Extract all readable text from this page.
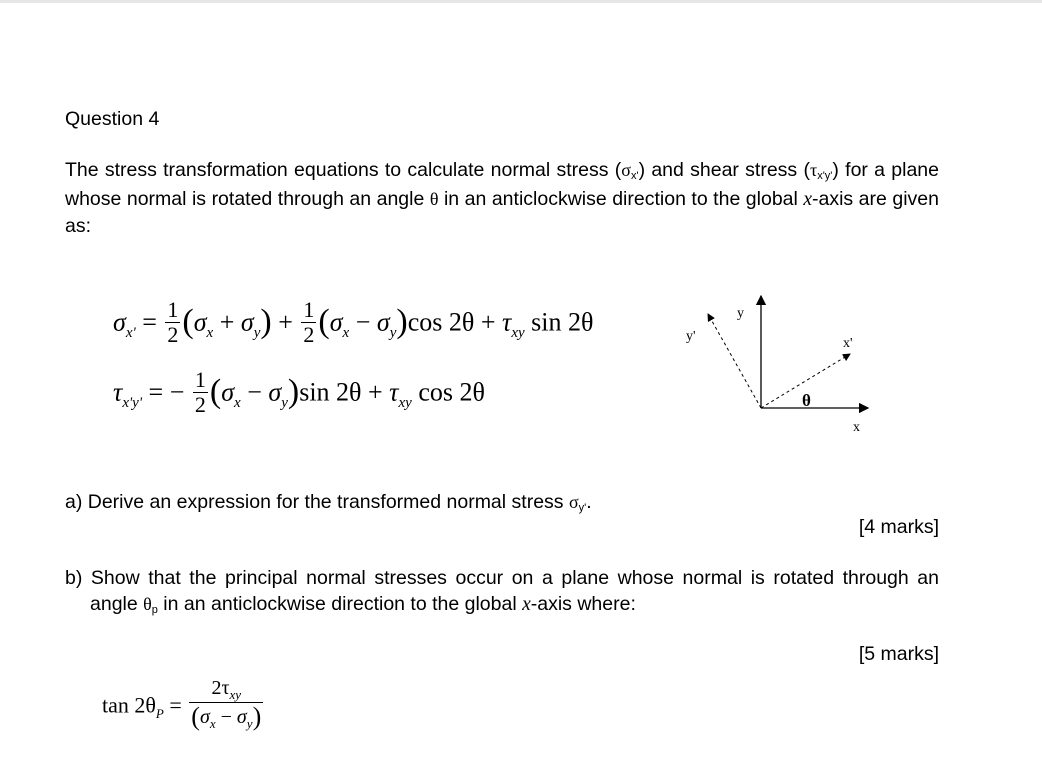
Question 4
The stress transformation equations to calculate normal stress (σx') and shear stress (τx'y') for a plane whose normal is rotated through an angle θ in an anticlockwise direction to the global x-axis are given as:
$\sigma_{x'} = \frac{1}{2} (\sigma_x + \sigma_y) + \frac{1}{2} (\sigma_x - \sigma_y)\cos$ $2\theta + \tau_{xy}$ sin 2θ
$\tau_{x'y'}$ = − $\frac{1}{2} (\sigma_x - \sigma_y)\sin$ $2\theta + \tau_{xy}$ cos 2θ
y
y'	x'
θ
x
a) Derive an expression for the transformed normal stress σy'.
[4 marks]
b) Show that the principal normal stresses occur on a plane whose normal is rotated through an angle θp in an anticlockwise direction to the global x-axis where:
[5 marks]
$\tan 2\theta_P = \frac{2\tau_{xy}}{(\sigma_x - \sigma_y)}$
